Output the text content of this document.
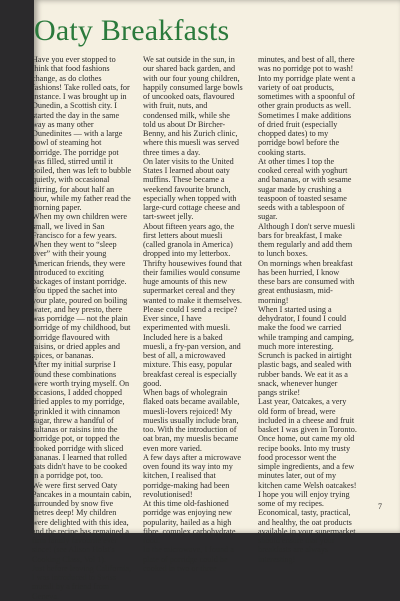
Oaty Breakfasts

Have you ever stopped to think that food fashions change, as do clothes fashions! Take rolled oats, for instance. I was brought up in Dunedin, a Scottish city. I started the day in the same way as many other Dunedinites — with a large bowl of steaming hot porridge. The porridge pot was filled, stirred until it boiled, then was left to bubble quietly, with occasional stirring, for about half an hour, while my father read the morning paper.

When my own children were small, we lived in San Francisco for a few years. When they went to “sleep over” with their young American friends, they were introduced to exciting packages of instant porridge. You tipped the sachet into your plate, poured on boiling water, and hey presto, there was porridge — not the plain porridge of my childhood, but porridge flavoured with raisins, or dried apples and spices, or bananas.

After my initial surprise I found these combinations were worth trying myself. On occasions, I added chopped dried apples to my porridge, sprinkled it with cinnamon sugar, threw a handful of sultanas or raisins into the porridge pot, or topped the cooked porridge with sliced bananas. I learned that rolled oats didn't have to be cooked in a porridge pot, too.

We were first served Oaty Pancakes in a mountain cabin, surrounded by snow five metres deep! My children were delighted with this idea, and the recipe has remained a firm family favourite ever since! (see Alison Holst's Cooking Class, Vol 1).

Just before leaving California, I was introduced to Swiss muesli by a friend from Geneva.

We sat outside in the sun, in our shared back garden, and with our four young children, happily consumed large bowls of uncooked oats, flavoured with fruit, nuts, and condensed milk, while she told us about Dr Bircher-Benny, and his Zurich clinic, where this muesli was served three times a day.

On later visits to the United States I learned about oaty muffins. These became a weekend favourite brunch, especially when topped with large-curd cottage cheese and tart-sweet jelly.

About fifteen years ago, the first letters about muesli (called granola in America) dropped into my letterbox. Thrifty housewives found that their families would consume huge amounts of this new supermarket cereal and they wanted to make it themselves. Please could I send a recipe? Ever since, I have experimented with muesli. Included here is a baked muesli, a fry-pan version, and best of all, a microwaved mixture. This easy, popular breakfast cereal is especially good.

When bags of wholegrain flaked oats became available, muesli-lovers rejoiced! My mueslis usually include bran, too. With the introduction of oat bran, my mueslis became even more varied.

A few days after a microwave oven found its way into my kitchen, I realised that porridge-making had been revolutionised!

At this time old-fashioned porridge was enjoying new popularity, hailed as a high fibre, complex carbohydrate food.

In the microwave, I found a plate of porridge could be cooked in two or three

minutes, and best of all, there was no porridge pot to wash! Into my porridge plate went a variety of oat products, sometimes with a spoonful of other grain products as well. Sometimes I make additions of dried fruit (especially chopped dates) to my porridge bowl before the cooking starts.

At other times I top the cooked cereal with yoghurt and bananas, or with sesame sugar made by crushing a teaspoon of toasted sesame seeds with a tablespoon of sugar.

Although I don't serve muesli bars for breakfast, I make them regularly and add them to lunch boxes.

On mornings when breakfast has been hurried, I know these bars are consumed with great enthusiasm, mid-morning!

When I started using a dehydrator, I found I could make the food we carried while tramping and camping, much more interesting. Scrunch is packed in airtight plastic bags, and sealed with rubber bands. We eat it as a snack, whenever hunger pangs strike!

Last year, Oatcakes, a very old form of bread, were included in a cheese and fruit basket I was given in Toronto. Once home, out came my old recipe books. Into my trusty food processor went the simple ingredients, and a few minutes later, out of my kitchen came Welsh oatcakes!

I hope you will enjoy trying some of my recipes. Economical, tasty, practical, and healthy, the oat products available in your supermarket should ensure that your breakfasts are always interesting!

7
